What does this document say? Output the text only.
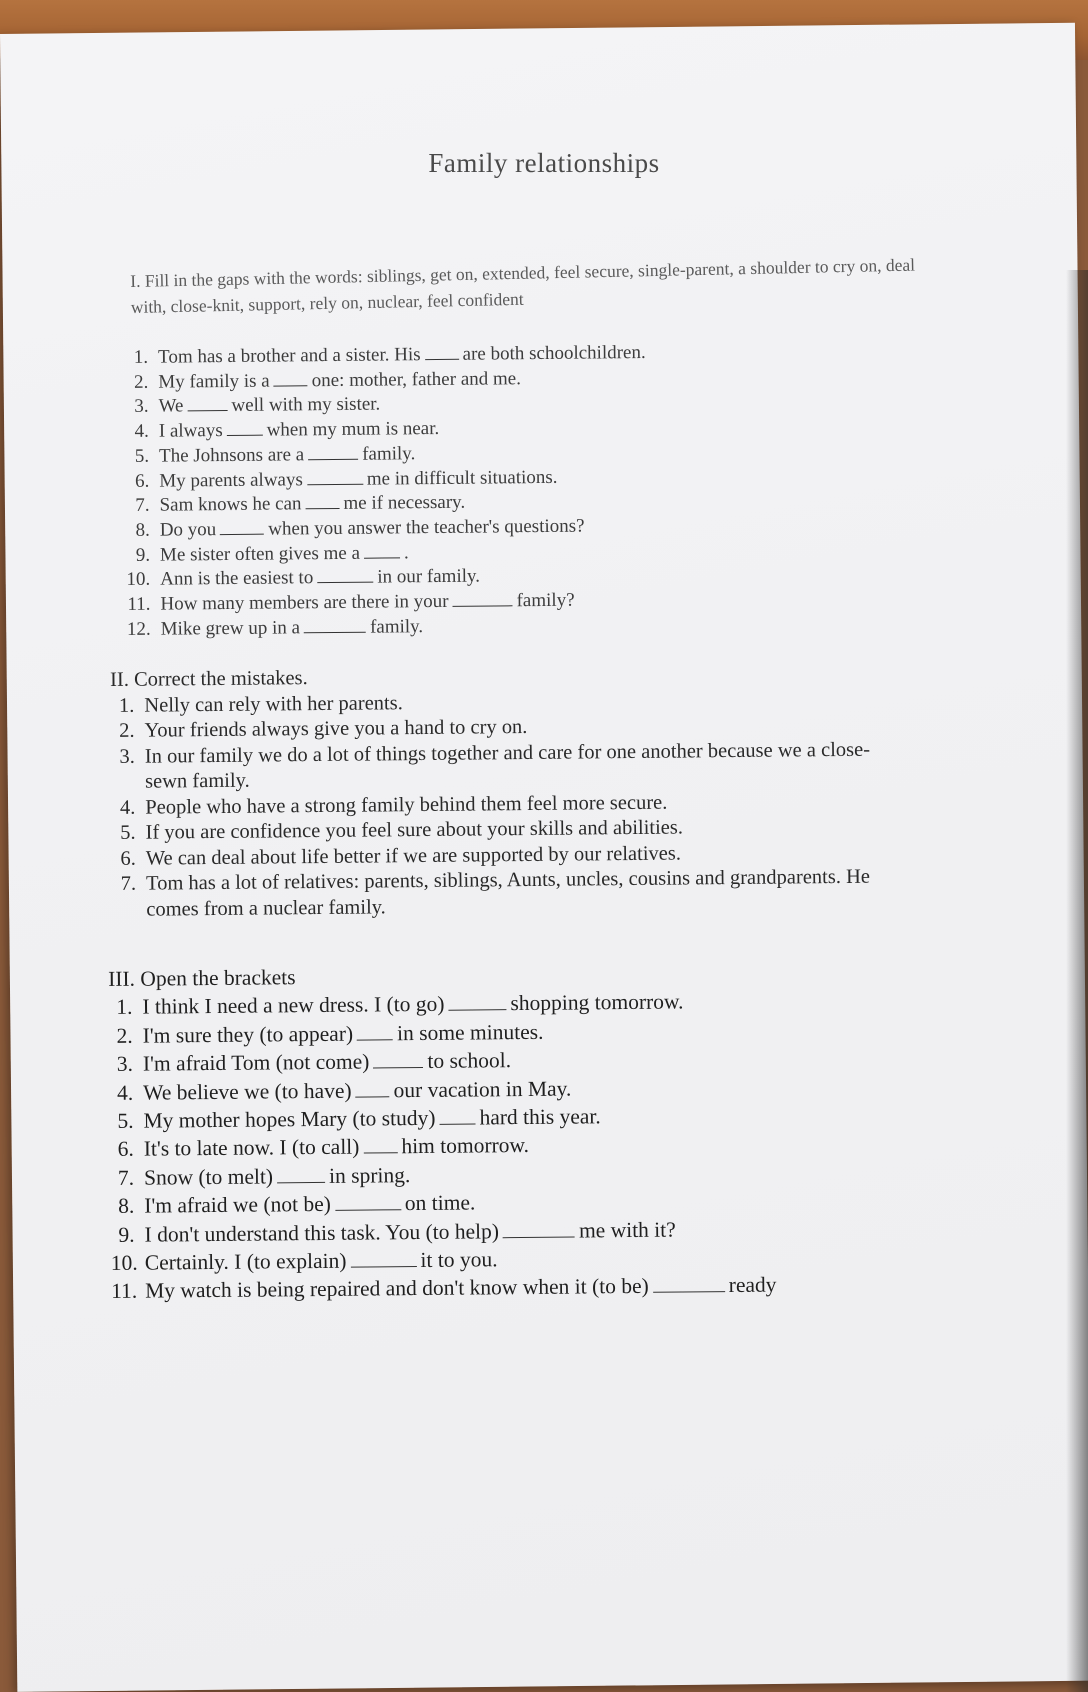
Family relationships
I. Fill in the gaps with the words: siblings, get on, extended, feel secure, single-parent, a shoulder to cry on, deal with, close-knit, support, rely on, nuclear, feel confident
1. Tom has a brother and a sister. His are both schoolchildren.
2. My family is a one: mother, father and me.
3. We	well with my sister.
4. I always when my mum is near.
5. The Johnsons are a	family.
6. My parents always	me in difficult situations.
7. Sam knows he can me if necessary.
8. Do you	when you answer the teacher's questions?
9. Me sister often gives me a .
10. Ann is the easiest to	in our family.
11. How many members are there in your	family?
12. Mike grew up in a	family.
II. Correct the mistakes.
1. Nelly can rely with her parents.
2. Your friends always give you a hand to cry on.
3. In our family we do a lot of things together and care for one another because we a close-
sewn family.
4. People who have a strong family behind them feel more secure.
5. If you are confidence you feel sure about your skills and abilities.
6. We can deal about life better if we are supported by our relatives.
7. Tom has a lot of relatives: parents, siblings, Aunts, uncles, cousins and grandparents. He
comes from a nuclear family.
III. Open the brackets
1. I think I need a new dress. I (to go)	shopping tomorrow.
2. I'm sure they (to appear) in some minutes.
3. I'm afraid Tom (not come)	to school.
4. We believe we (to have) our vacation in May.
5. My mother hopes Mary (to study) hard this year.
6. It's to late now. I (to call) him tomorrow.
7. Snow (to melt)	in spring.
8. I'm afraid we (not be)	on time.
9. I don't understand this task. You (to help)	me with it?
10. Certainly. I (to explain)	it to you.
11. My watch is being repaired and don't know when it (to be)	ready
